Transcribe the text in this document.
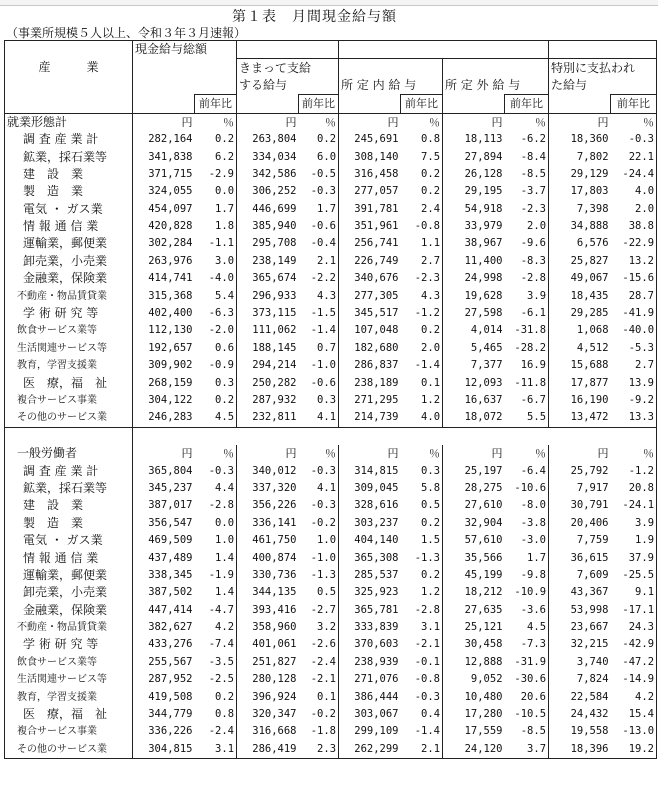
第１表　月間現金給与額
（事業所規模５人以上、令和３年３月速報）
	現金給与総額									
産　　　業			きまって支給						特別に支払われ	
			する給与		所 定 内 給 与		所 定 外 給 与		た給与	
		前年比		前年比		前年比		前年比		前年比
就業形態計	円	％	円	％	円	％	円	％	円	％
調 査 産 業 計	282,164	0.2	263,804	0.2	245,691	0.8	18,113	-6.2	18,360	-0.3
鉱業，採石業等	341,838	6.2	334,034	6.0	308,140	7.5	27,894	-8.4	7,802	22.1
建　設　業	371,715	-2.9	342,586	-0.5	316,458	0.2	26,128	-8.5	29,129	-24.4
製　造　業	324,055	0.0	306,252	-0.3	277,057	0.2	29,195	-3.7	17,803	4.0
電気 ・ ガス業	454,097	1.7	446,699	1.7	391,781	2.4	54,918	-2.3	7,398	2.0
情 報 通 信 業	420,828	1.8	385,940	-0.6	351,961	-0.8	33,979	2.0	34,888	38.8
運輸業，郵便業	302,284	-1.1	295,708	-0.4	256,741	1.1	38,967	-9.6	6,576	-22.9
卸売業，小売業	263,976	3.0	238,149	2.1	226,749	2.7	11,400	-8.3	25,827	13.2
金融業，保険業	414,741	-4.0	365,674	-2.2	340,676	-2.3	24,998	-2.8	49,067	-15.6
不動産・物品賃貸業	315,368	5.4	296,933	4.3	277,305	4.3	19,628	3.9	18,435	28.7
学 術 研 究 等	402,400	-6.3	373,115	-1.5	345,517	-1.2	27,598	-6.1	29,285	-41.9
飲食サービス業等	112,130	-2.0	111,062	-1.4	107,048	0.2	4,014	-31.8	1,068	-40.0
生活関連サービス等	192,657	0.6	188,145	0.7	182,680	2.0	5,465	-28.2	4,512	-5.3
教育，学習支援業	309,902	-0.9	294,214	-1.0	286,837	-1.4	7,377	16.9	15,688	2.7
医　療，福　祉	268,159	0.3	250,282	-0.6	238,189	0.1	12,093	-11.8	17,877	13.9
複合サービス事業	304,122	0.2	287,932	0.3	271,295	1.2	16,637	-6.7	16,190	-9.2
その他のサービス業	246,283	4.5	232,811	4.1	214,739	4.0	18,072	5.5	13,472	13.3

一般労働者	円	％	円	％	円	％	円	％	円	％
調 査 産 業 計	365,804	-0.3	340,012	-0.3	314,815	0.3	25,197	-6.4	25,792	-1.2
鉱業，採石業等	345,237	4.4	337,320	4.1	309,045	5.8	28,275	-10.6	7,917	20.8
建　設　業	387,017	-2.8	356,226	-0.3	328,616	0.5	27,610	-8.0	30,791	-24.1
製　造　業	356,547	0.0	336,141	-0.2	303,237	0.2	32,904	-3.8	20,406	3.9
電気 ・ ガス業	469,509	1.0	461,750	1.0	404,140	1.5	57,610	-3.0	7,759	1.9
情 報 通 信 業	437,489	1.4	400,874	-1.0	365,308	-1.3	35,566	1.7	36,615	37.9
運輸業，郵便業	338,345	-1.9	330,736	-1.3	285,537	0.2	45,199	-9.8	7,609	-25.5
卸売業，小売業	387,502	1.4	344,135	0.5	325,923	1.2	18,212	-10.9	43,367	9.1
金融業，保険業	447,414	-4.7	393,416	-2.7	365,781	-2.8	27,635	-3.6	53,998	-17.1
不動産・物品賃貸業	382,627	4.2	358,960	3.2	333,839	3.1	25,121	4.5	23,667	24.3
学 術 研 究 等	433,276	-7.4	401,061	-2.6	370,603	-2.1	30,458	-7.3	32,215	-42.9
飲食サービス業等	255,567	-3.5	251,827	-2.4	238,939	-0.1	12,888	-31.9	3,740	-47.2
生活関連サービス等	287,952	-2.5	280,128	-2.1	271,076	-0.8	9,052	-30.6	7,824	-14.9
教育，学習支援業	419,508	0.2	396,924	0.1	386,444	-0.3	10,480	20.6	22,584	4.2
医　療，福　祉	344,779	0.8	320,347	-0.2	303,067	0.4	17,280	-10.5	24,432	15.4
複合サービス事業	336,226	-2.4	316,668	-1.8	299,109	-1.4	17,559	-8.5	19,558	-13.0
その他のサービス業	304,815	3.1	286,419	2.3	262,299	2.1	24,120	3.7	18,396	19.2
